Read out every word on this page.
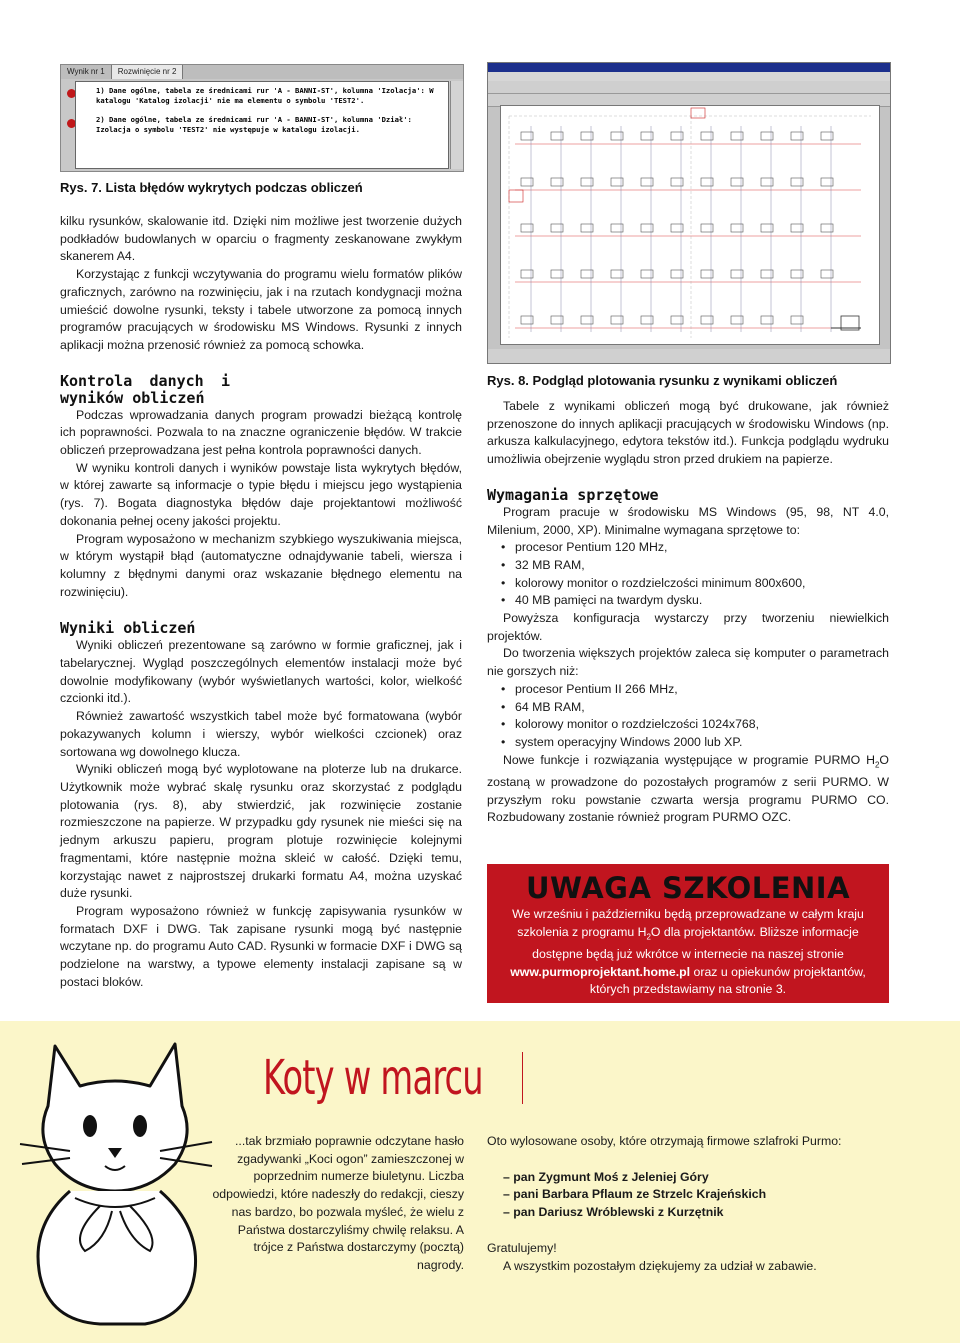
Wynik nr 1 Rozwinięcie nr 2
1) Dane ogólne, tabela ze średnicami rur 'A - BANNI-ST', kolumna 'Izolacja': W katalogu 'Katalog izolacji' nie ma elementu o symbolu 'TEST2'.
2) Dane ogólne, tabela ze średnicami rur 'A - BANNI-ST', kolumna 'Dział': Izolacja o symbolu 'TEST2' nie występuje w katalogu izolacji.
Rys. 7. Lista błędów wykrytych podczas obliczeń
Rys. 8. Podgląd plotowania rysunku z wynikami obliczeń

kilku rysunków, skalowanie itd. Dzięki nim możliwe jest tworzenie dużych podkładów budowlanych w oparciu o fragmenty zeskanowane zwykłym skanerem A4.

Korzystając z funkcji wczytywania do programu wielu formatów plików graficznych, zarówno na rozwinięciu, jak i na rzutach kondygnacji można umieścić dowolne rysunki, teksty i tabele utworzone za pomocą innych programów pracujących w środowisku MS Windows. Rysunki z innych aplikacji można przenosić również za pomocą schowka.

Kontrola danych i wyników obliczeń

Podczas wprowadzania danych program prowadzi bieżącą kontrolę ich poprawności. Pozwala to na znaczne ograniczenie błędów. W trakcie obliczeń przeprowadzana jest pełna kontrola poprawności danych.

W wyniku kontroli danych i wyników powstaje lista wykrytych błędów, w której zawarte są informacje o typie błędu i miejscu jego wystąpienia (rys. 7). Bogata diagnostyka błędów daje projektantowi możliwość dokonania pełnej oceny jakości projektu.

Program wyposażono w mechanizm szybkiego wyszukiwania miejsca, w którym wystąpił błąd (automatyczne odnajdywanie tabeli, wiersza i kolumny z błędnymi danymi oraz wskazanie błędnego elementu na rozwinięciu).

Wyniki obliczeń

Wyniki obliczeń prezentowane są zarówno w formie graficznej, jak i tabelarycznej. Wygląd poszczególnych elementów instalacji może być dowolnie modyfikowany (wybór wyświetlanych wartości, kolor, wielkość czcionki itd.).

Również zawartość wszystkich tabel może być formatowana (wybór pokazywanych kolumn i wierszy, wybór wielkości czcionek) oraz sortowana wg dowolnego klucza.

Wyniki obliczeń mogą być wyplotowane na ploterze lub na drukarce. Użytkownik może wybrać skalę rysunku oraz skorzystać z podglądu plotowania (rys. 8), aby stwierdzić, jak rozwinięcie zostanie rozmieszczone na papierze. W przypadku gdy rysunek nie mieści się na jednym arkuszu papieru, program plotuje rozwinięcie kolejnymi fragmentami, które następnie można skleić w całość. Dzięki temu, korzystając nawet z najprostszej drukarki formatu A4, można uzyskać duże rysunki.

Program wyposażono również w funkcję zapisywania rysunków w formatach DXF i DWG. Tak zapisane rysunki mogą być następnie wczytane np. do programu Auto CAD. Rysunki w formacie DXF i DWG są podzielone na warstwy, a typowe elementy instalacji zapisane są w postaci bloków.

Tabele z wynikami obliczeń mogą być drukowane, jak również przenoszone do innych aplikacji pracujących w środowisku Windows (np. arkusza kalkulacyjnego, edytora tekstów itd.). Funkcja podglądu wydruku umożliwia obejrzenie wyglądu stron przed drukiem na papierze.

Wymagania sprzętowe

Program pracuje w środowisku MS Windows (95, 98, NT 4.0, Milenium, 2000, XP). Minimalne wymagana sprzętowe to:

• procesor Pentium 120 MHz,
• 32 MB RAM,
• kolorowy monitor o rozdzielczości minimum 800x600,
• 40 MB pamięci na twardym dysku.

Powyższa konfiguracja wystarczy przy tworzeniu niewielkich projektów.

Do tworzenia większych projektów zaleca się komputer o parametrach nie gorszych niż:

• procesor Pentium II 266 MHz,
• 64 MB RAM,
• kolorowy monitor o rozdzielczości 1024x768,
• system operacyjny Windows 2000 lub XP.

Nowe funkcje i rozwiązania występujące w programie PURMO $H_2O$ zostaną w prowadzone do pozostałych programów z serii PURMO. W przyszłym roku powstanie czwarta wersja programu PURMO CO. Rozbudowany zostanie również program PURMO OZC.

UWAGA SZKOLENIA
We wrześniu i październiku będą przeprowadzane w całym kraju szkolenia z programu $H_2O$ dla projektantów. Bliższe informacje dostępne będą już wkrótce w internecie na naszej stronie www.purmoprojektant.home.pl oraz u opiekunów projektantów, których przedstawiamy na stronie 3.
Koty w marcu

...tak brzmiało poprawnie odczytane hasło zgadywanki „Koci ogon” zamieszczonej w poprzednim numerze biuletynu. Liczba odpowiedzi, które nadeszły do redakcji, cieszy nas bardzo, bo pozwala myśleć, że wielu z Państwa dostarczyliśmy chwilę relaksu. A trójce z Państwa dostarczymy (pocztą) nagrody.

Oto wylosowane osoby, które otrzymają firmowe szlafroki Purmo:

– pan Zygmunt Moś z Jeleniej Góry
– pani Barbara Pflaum ze Strzelc Krajeńskich
– pan Dariusz Wróblewski z Kurzętnik

Gratulujemy!

A wszystkim pozostałym dziękujemy za udział w zabawie.
